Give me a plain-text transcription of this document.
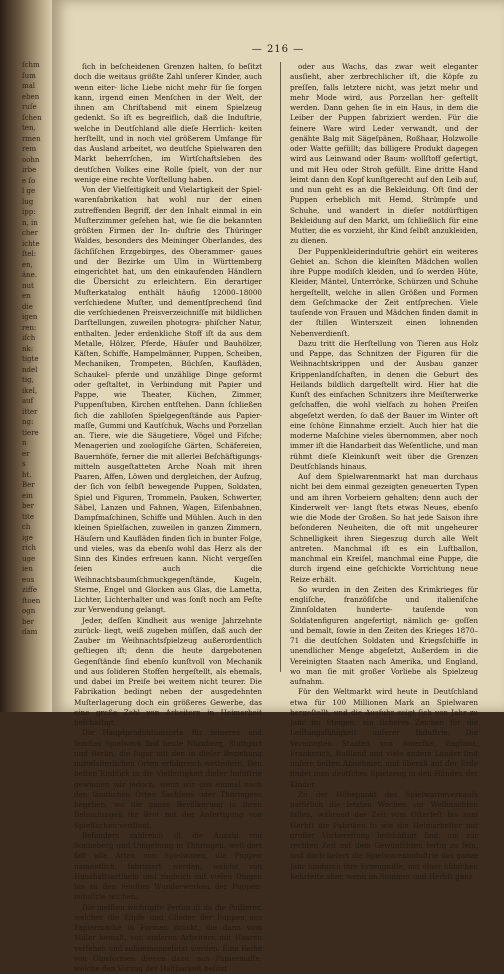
ſchm
ſum
mal
eben
ruſe
ſchen
ten,
rmen
rem
oohn
irbe
e ſo
l ge
lug
ipp:
n, in
cher
ichte
ſtel:
en,
äne.
nut
en
die
igen
ren:
iſch
nk:
tigte
ndel
tig,
ikel,
auf
itter
ng:
tiere
n
er
s
ht.
Ber
ein
ber
tite
ch
ige
rich
uge
ien
eus
ziffe
ſtoen
ogn
ber
dam
— 216 —

ſich in beſcheidenen Grenzen halten, ſo beſitzt doch die weitaus größte Zahl unſerer Kinder, auch wenn eiter- liche Liebe nicht mehr für ſie ſorgen kann, irgend einen Menſchen in der Welt, der ihnen am Chriſtabend mit einem Spielzeug gedenkt. So iſt es begreiflich, daß die Induſtrie, welche in Deutſchland alle dieſe Herrlich- keiten herſtellt, und in noch viel größerem Umfange für das Ausland arbeitet, wo deutſche Spielwaren den Markt beherrſchen, im Wirtſchaftsleben des deutſchen Volkes eine Rolle ſpielt, von der nur wenige eine rechte Vorſtellung haben.

Von der Vielſeitigkeit und Vielartigkeit der Spiel- warenfabrikation hat wohl nur der einen zutreffenden Begriff, der den Inhalt einmal in ein Muſterzimmer geſehen hat, wie ſie die bekannten größten Firmen der In- duſtrie des Thüringer Waldes, besonders des Meininger Oberlandes, des ſächſiſchen Erzgebirges, des Oberammer- gaues und der Bezirke um Ulm in Württemberg eingerichtet hat, um den einkaufenden Händlern die Übersicht zu erleichtern. Ein derartiger Muſterkatalog enthält häufig 12000–18000 verſchiedene Muſter, und dementſprechend ſind die verſchiedenen Preisverzeichniſſe mit bildlichen Darſtellungen, zuweilen photogra- phiſcher Natur, enthalten. Jeder erdenkliche Stoff iſt da aus dem Metalle, Hölzer, Pferde, Häuſer und Bauhölzer, Käſten, Schiffe, Hampelmänner, Puppen, Scheiben, Mechaniken, Trompeten, Büchſen, Kaufläden, Schaukel- pferde und unzählige Dinge geformt oder geſtaltet, in Verbindung mit Papier und Pappe, wie Theater, Küchen, Zimmer, Puppenſtuben, Kirchen entſtehen. Dann ſchließen ſich die zahlloſen Spielgegenſtände aus Papier- maſſe, Gummi und Kautſchuk, Wachs und Porzellan an. Tiere, wie die Säugetiere, Vögel und Fiſche; Menagerien und zoologiſche Gärten, Schäfereien, Bauernhöfe, ferner die mit allerlei Beſchäftigungs- mitteln ausgeſtatteten Arche Noah mit ihren Paaren, Affen, Löwen und dergleichen, der Aufzug, der ſich von ſelbſt bewegende Puppen, Soldaten, Spiel und Figuren, Trommeln, Pauken, Schwerter, Säbel, Lanzen und Fahnen, Wagen, Eiſenbahnen, Dampfmaſchinen, Schiffe und Mühlen. Auch in den kleinen Spielſachen, zuweilen in ganzen Zimmern, Häuſern und Kaufläden finden ſich in bunter Folge, und vieles, was da ebenſo wohl das Herz als der Sinn des Kindes erfreuen kann. Nicht vergeſſen ſeien auch die Weihnachtsbaumſchmuckgegenſtände, Kugeln, Sterne, Engel und Glocken aus Glas, die Lametta, Lichter, Lichterhalter und was ſonſt noch am Feſte zur Verwendung gelangt.

Jeder, deſſen Kindheit aus wenige Jahrzehnte zurück- liegt, weiß zugeben müſſen, daß auch der Zauber im Weihnachtsſpielzeug außerordentlich geſtiegen iſt; denn die heute dargebotenen Gegenſtände ſind ebenſo kunſtvoll von Mechanik und aus ſolideren Stoffen hergeſtellt, als ehemals, und dabei im Preiſe bei weitem nicht teurer. Die Fabrikation bedingt neben der ausgedehnten Muſterlagerung doch ein größeres Gewerbe, das eine große Zahl von Arbeitern in Heimarbeit beſchäftigt.

Die Hauptproduktionsorte für feineres und feinſtes Spielwerk ſind heute Nürnberg, Stuttgart und Berlin, die ſogar mit den in dieſer Beziehung mittelalterlichen Orten erfolgreich wetteifern. Den beſten Einblick in die Vielſeitigkeit dieſer Induſtrie gewinnen wir jedoch, wenn wir uns einmal nach den ländlichen Orten Sachſens oder Thüringens begeben, wo die ganze Bevölkerung in ihren Behauſungen ihr Brot mit der Anfertigung von Spielſachen verdient.

Beſonders zahlreich iſt die Anzahl von Sonneberg und Umgebung in Thüringen, weil dort faſt alle Arten von Spielwaren, die Puppen namentlich, fabriziert werden, welche von Haushaltsartikeln und zugleich mit vielen Dingen bis zu den feinſten Wunderwerken der Puppen- induſtrie reichen.

Die meiſten wichtigſte Perſon iſt da die Poſſierer, welcher die Köpfe und Glieder der Puppen aus Papiermaché in Formen drückt, die dann vom Maler bemalt, von anderen Arbeitern mit Haaren verſehen und zuſammengeſetzt werden. Eine Reihe von Gipsformen dienen dazu, aus Papiermaſſe, welche den Vorzug der Haltbarkeit beſitzt

oder aus Wachs, das zwar weit eleganter ausſieht, aber zerbrechlicher iſt, die Köpfe zu preſſen, falls letztere nicht, was jetzt mehr und mehr Mode wird, aus Porzellan her- geſtellt werden. Dann gehen ſie in ein Haus, in dem die Leiber der Puppen fabriziert werden. Für die feinere Ware wird Leder verwandt, und der genähte Balg mit Sägeſpänen, Roßhaar, Holzwolle oder Watte gefüllt; das billigere Produkt dagegen wird aus Leinwand oder Baum- wollſtoff gefertigt, und mit Heu oder Stroh gefüllt. Eine dritte Hand leimt dann den Kopf kunſtgerecht auf den Leib auf, und nun geht es an die Bekleidung. Oft ſind der Puppen erheblich mit Hemd, Strümpfe und Schuhe, und wandert in dieſer notdürftigen Bekleidung auf den Markt, um ſchließlich für eine Mutter, die es vorzieht, ihr Kind ſelbſt anzukleiden, zu dienen.

Der Puppenkleiderinduſtrie gehört ein weiteres Gebiet an. Schon die kleinſten Mädchen wollen ihre Puppe modiſch kleiden, und ſo werden Hüte, Kleider, Mäntel, Unterröcke, Schürzen und Schuhe hergeſtellt, welche in allen Größen und Formen dem Geſchmacke der Zeit entſprechen. Viele tauſende von Frauen und Mädchen finden damit in der ſtillen Winterszeit einen lohnenden Nebenverdienſt.

Dazu tritt die Herſtellung von Tieren aus Holz und Pappe, das Schnitzen der Figuren für die Weihnachtskrippen und der Ausbau ganzer Krippenlandſchaften, in denen die Geburt des Heilands bildlich dargeſtellt wird. Hier hat die Kunſt des einfachen Schnitzers ihre Meiſterwerke geſchaffen, die wohl vielfach zu hohen Preiſen abgeſetzt werden, ſo daß der Bauer im Winter oft eine ſchöne Einnahme erzielt. Auch hier hat die moderne Maſchine vieles übernommen, aber noch immer iſt die Handarbeit das Weſentliche, und man rühmt dieſe Kleinkunſt weit über die Grenzen Deutſchlands hinaus.

Auf dem Spielwarenmarkt hat man durchaus nicht bei dem einmal gezeigten geneuerten Typen und am ihren Vorbeiern gehalten; denn auch der Kinderwelt ver- langt ſtets etwas Neues, ebenſo wie die Mode der Großen. So hat jede Saison ihre beſonderen Neuheiten, die oft mit ungeheurer Schnelligkeit ihren Siegeszug durch alle Welt antreten. Manchmal iſt es ein Luftballon, manchmal ein Kreiſel, manchmal eine Puppe, die durch irgend eine geſchickte Vorrichtung neue Reize erhält.

So wurden in den Zeiten des Krimkrieges für engliſche, franzöſiſche und italieniſche Zinnſoldaten hunderte- tauſende von Soldatenfiguren angefertigt, nämlich ge- goſſen und bemalt, ſowie in den Zeiten des Krieges 1870–71 die deutſchen Soldaten und Kriegsſchiffe in unendlicher Menge abgeſetzt, Außerdem in die Vereinigten Staaten nach Amerika, und England, wo man ſie mit großer Vorliebe als Spielzeug aufnahm.

Für den Weltmarkt wird heute in Deutſchland etwa für 100 Millionen Mark an Spielwaren hergeſtellt, und die Ausfuhr zeigt ſich von Jahr zu Jahr im Steigen, ein ſicheres Zeichen für die Leiſtungsfähigkeit unſerer Induſtrie. Die Vereinigten Staaten von Amerika, England, Frankreich, Rußland und viele andere Länder ſind unſere beſten Abnehmer, und überall auf der Erde findet man deutſches Spielzeug in den Händen der Kinder.

Zu der Höhepunkt des Spielwarenverkaufs natürlich die letzten Wochen vor Weihnachten fallen, während der Zeit vom Oſterfeſt bis zum Herbſt die Fabriken ſo wie die Heimarbeiter mit großer Vorbereitung beſchäftigt ſind, um zur rechten Zeit mit dem Gewünſchten fertig zu ſein, und doch liefert die Spielwareninduſtrie das ganze Jahr hindurch ihre Erzeugniſſe, mit einer hübſchen Kehrſeite aber, wenn im Sommer und Herbſt ganz
